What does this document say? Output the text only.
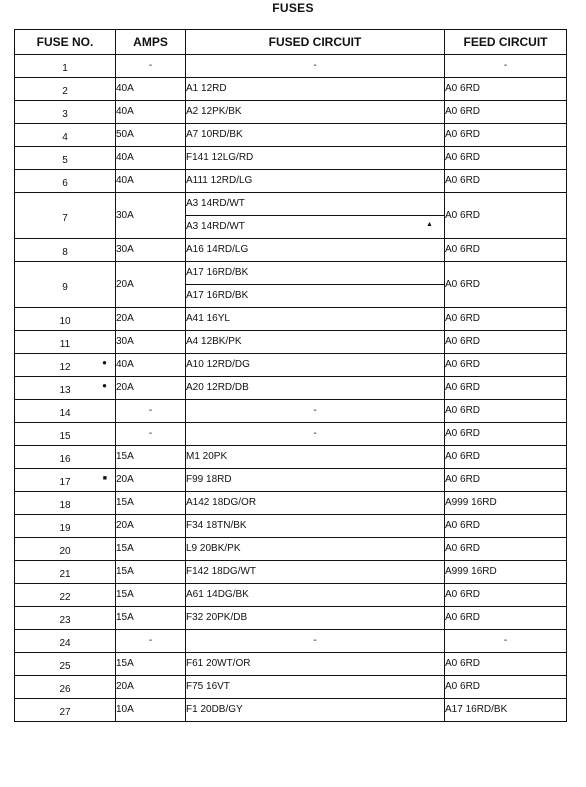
FUSES
FUSE NO.	AMPS	FUSED CIRCUIT	FEED CIRCUIT
1	-	-	-
2	40A	A1 12RD	A0 6RD
3	40A	A2 12PK/BK	A0 6RD
4	50A	A7 10RD/BK	A0 6RD
5	40A	F141 12LG/RD	A0 6RD
6	40A	A111 12RD/LG	A0 6RD
7	30A	A3 14RD/WT	A0 6RD
		A3 14RD/WT ▲	

8	30A	A16 14RD/LG	A0 6RD
9	20A	A17 16RD/BK	A0 6RD
		A17 16RD/BK	
10	20A	A41 16YL	A0 6RD
11	30A	A4 12BK/PK	A0 6RD
12 ●	40A	A10 12RD/DG	A0 6RD
13 ●	20A	A20 12RD/DB	A0 6RD
14	-	-	A0 6RD
15	-	-	A0 6RD
16	15A	M1 20PK	A0 6RD
17 ■	20A	F99 18RD	A0 6RD
18	15A	A142 18DG/OR	A999 16RD
19	20A	F34 18TN/BK	A0 6RD
20	15A	L9 20BK/PK	A0 6RD
21	15A	F142 18DG/WT	A999 16RD
22	15A	A61 14DG/BK	A0 6RD
23	15A	F32 20PK/DB	A0 6RD
24	-	-	-
25	15A	F61 20WT/OR	A0 6RD
26	20A	F75 16VT	A0 6RD
27	10A	F1 20DB/GY	A17 16RD/BK
